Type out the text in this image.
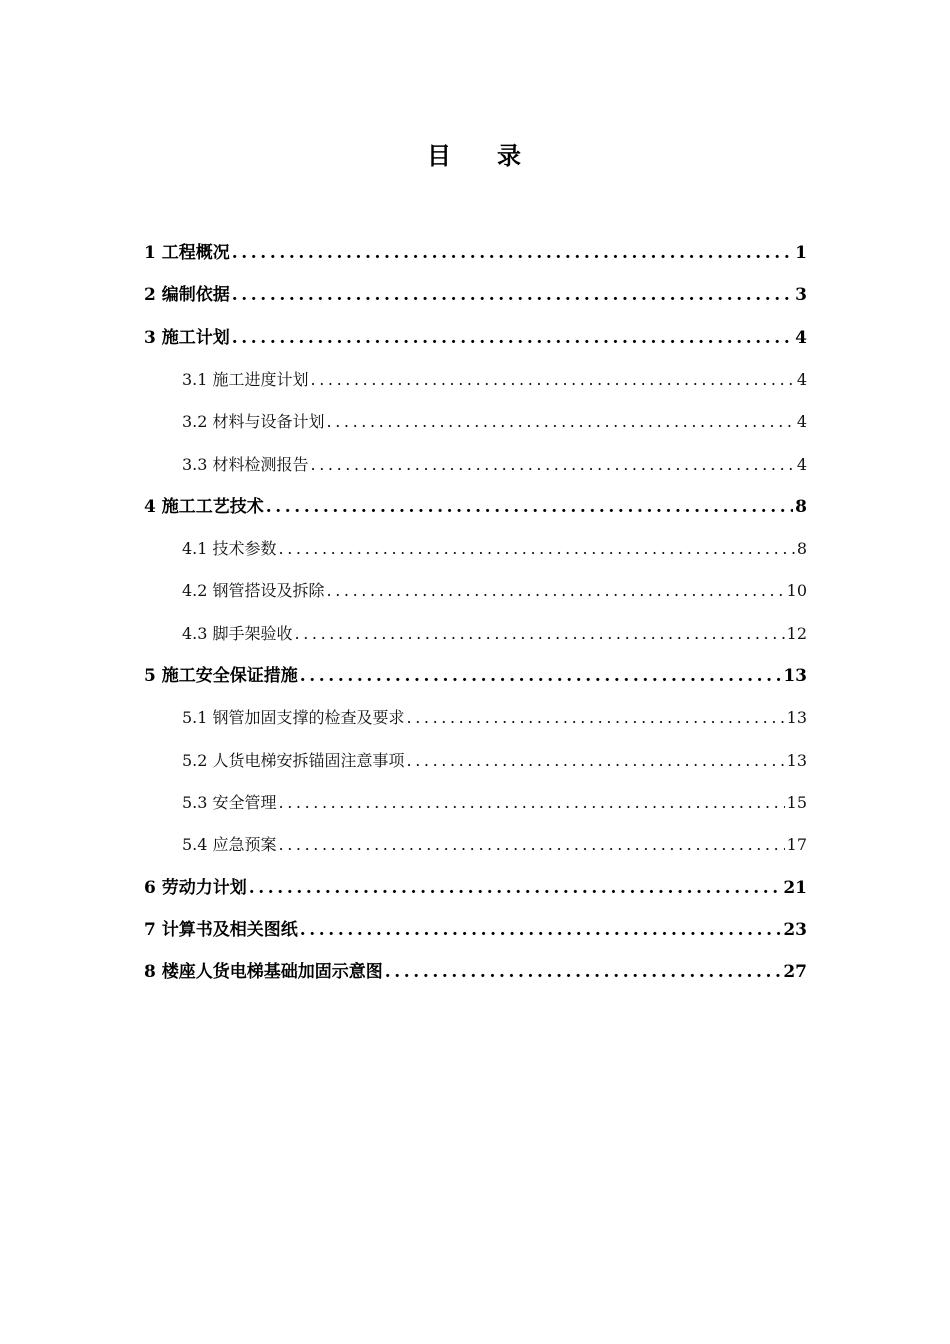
目 录
1 工程概况 .....	1
2 编制依据 .....	3
3 施工计划 .....	4
3.1 施工进度计划 .....	4
3.2 材料与设备计划 .....	4
3.3 材料检测报告 .....	4
4 施工工艺技术 .....	8
4.1 技术参数 .....	8
4.2 钢管搭设及拆除 .....	10
4.3 脚手架验收 .....	12
5 施工安全保证措施 .....	13
5.1 钢管加固支撑的检查及要求 .....	13
5.2 人货电梯安拆锚固注意事项 .....	13
5.3 安全管理 .....	15
5.4 应急预案 .....	17
6 劳动力计划 .....	21
7 计算书及相关图纸 .....	23
8 楼座人货电梯基础加固示意图 .....	27
